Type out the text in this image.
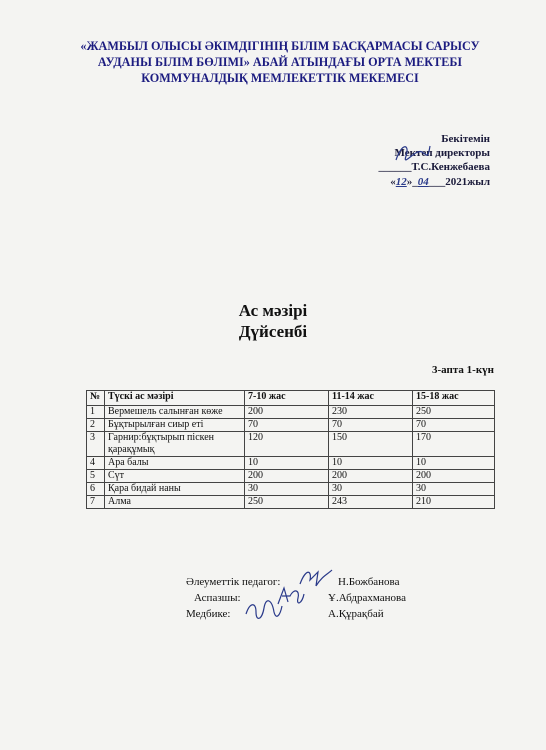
«ЖАМБЫЛ ОЛЫСЫ ӘКІМДІГІНІҢ БІЛІМ БАСҚАРМАСЫ САРЫСУ
АУДАНЫ БІЛІМ БӨЛІМІ» АБАЙ АТЫНДАҒЫ ОРТА МЕКТЕБІ
КОММУНАЛДЫҚ МЕМЛЕКЕТТІК МЕКЕМЕСІ
Бекітемін
Мектеп директоры
______Т.С.Кенжебаева
«12»_04___2021жыл
Ас мәзірі
Дүйсенбі
3-апта 1-күн
№	Түскі ас мәзірі	7-10 жас	11-14 жас	15-18 жас
1	Вермешель салынған көже	200	230	250
2	Бұқтырылған сиыр еті	70	70	70
3	Гарнир:бұқтырып піскен қарақұмық	120	150	170
4	Ара балы	10	10	10
5	Сүт	200	200	200
6	Қара бидай наны	30	30	30
7	Алма	250	243	210
Әлеуметтік педагог:	Н.Божбанова
Аспазшы:	Ұ.Абдрахманова
Медбике:	А.Құрақбай
